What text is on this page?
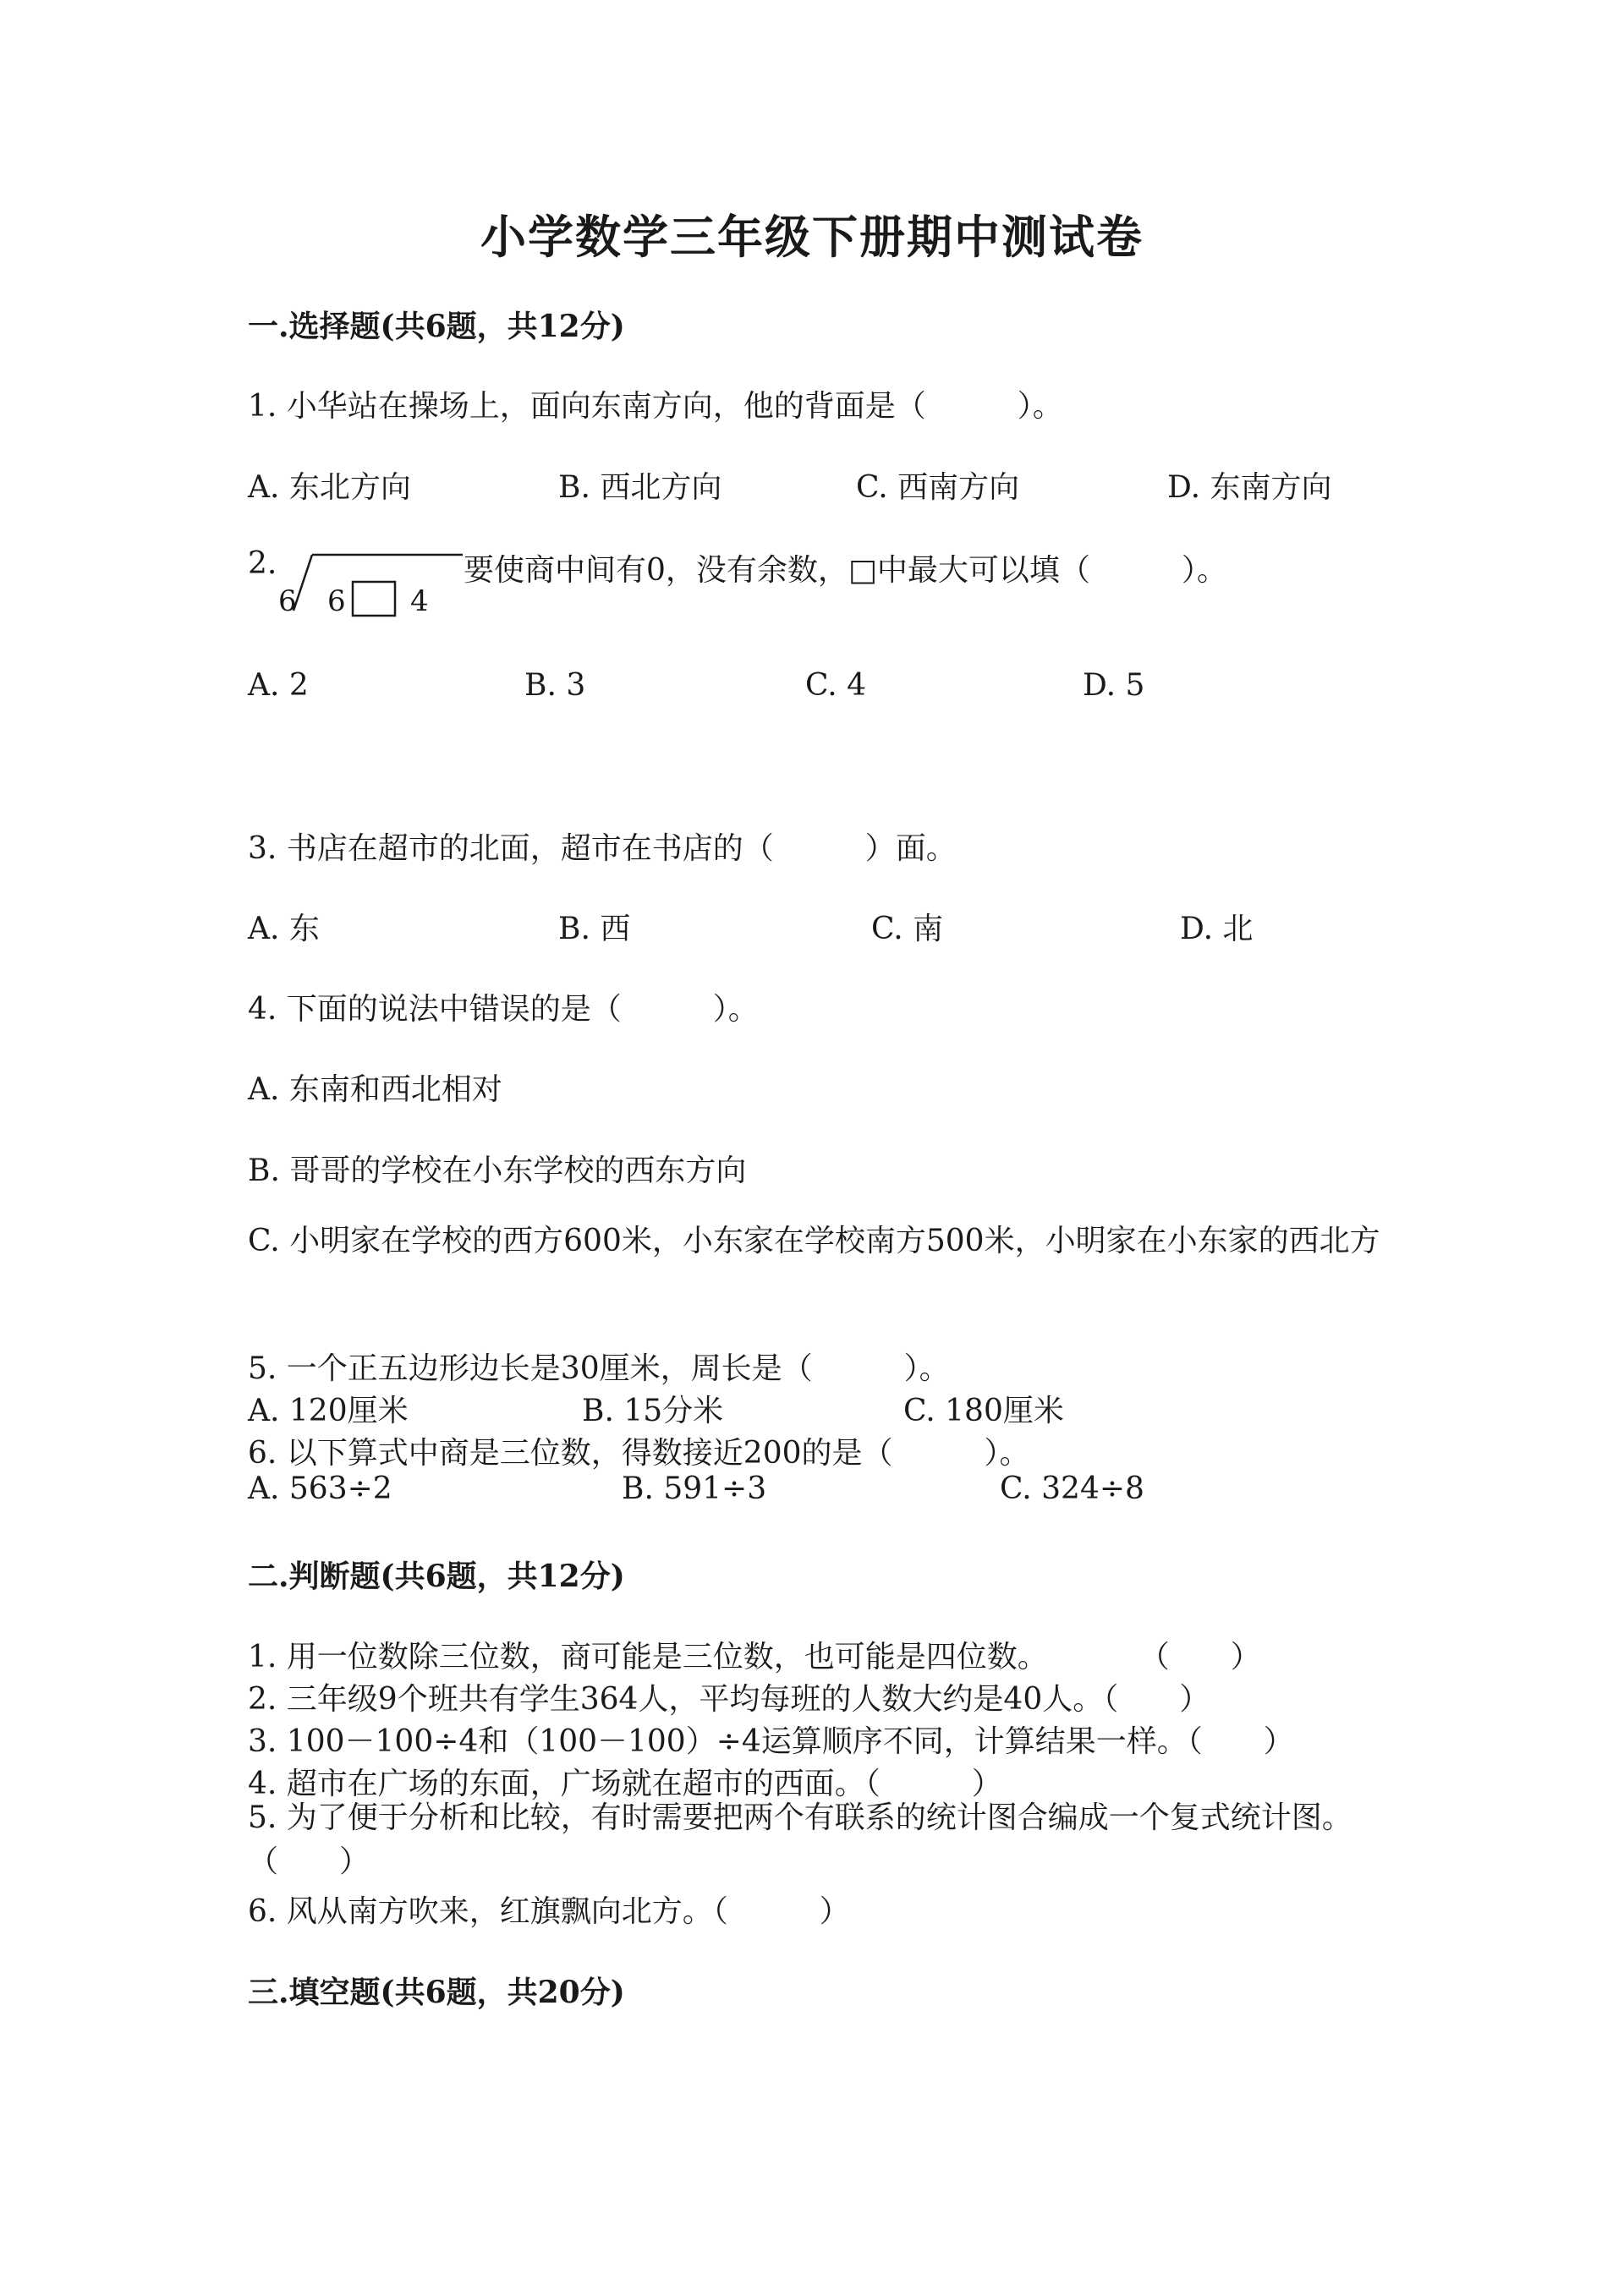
小学数学三年级下册期中测试卷
一.选择题(共6题，共12分)
1. 小华站在操场上，面向东南方向，他的背面是（　　　）。
A. 东北方向	B. 西北方向	C. 西南方向	D. 东南方向
2.
6 6 4
要使商中间有0，没有余数，□中最大可以填（　　　）。
A. 2	B. 3	C. 4	D. 5
3. 书店在超市的北面，超市在书店的（　　　）面。
A. 东	B. 西	C. 南	D. 北
4. 下面的说法中错误的是（　　　）。
A. 东南和西北相对
B. 哥哥的学校在小东学校的西东方向
C. 小明家在学校的西方600米，小东家在学校南方500米，小明家在小东家的西北方
5. 一个正五边形边长是30厘米，周长是（　　　）。
A. 120厘米	B. 15分米	C. 180厘米
6. 以下算式中商是三位数，得数接近200的是（　　　）。
A. 563÷2	B. 591÷3	C. 324÷8
二.判断题(共6题，共12分)
1. 用一位数除三位数，商可能是三位数，也可能是四位数。　　　　（　　）
2. 三年级9个班共有学生364人，平均每班的人数大约是40人。（　　）
3. 100－100÷4和（100－100）÷4运算顺序不同，计算结果一样。（　　）
4. 超市在广场的东面，广场就在超市的西面。（　　　）
5. 为了便于分析和比较，有时需要把两个有联系的统计图合编成一个复式统计图。（　　）
6. 风从南方吹来，红旗飘向北方。（　　　）
三.填空题(共6题，共20分)
